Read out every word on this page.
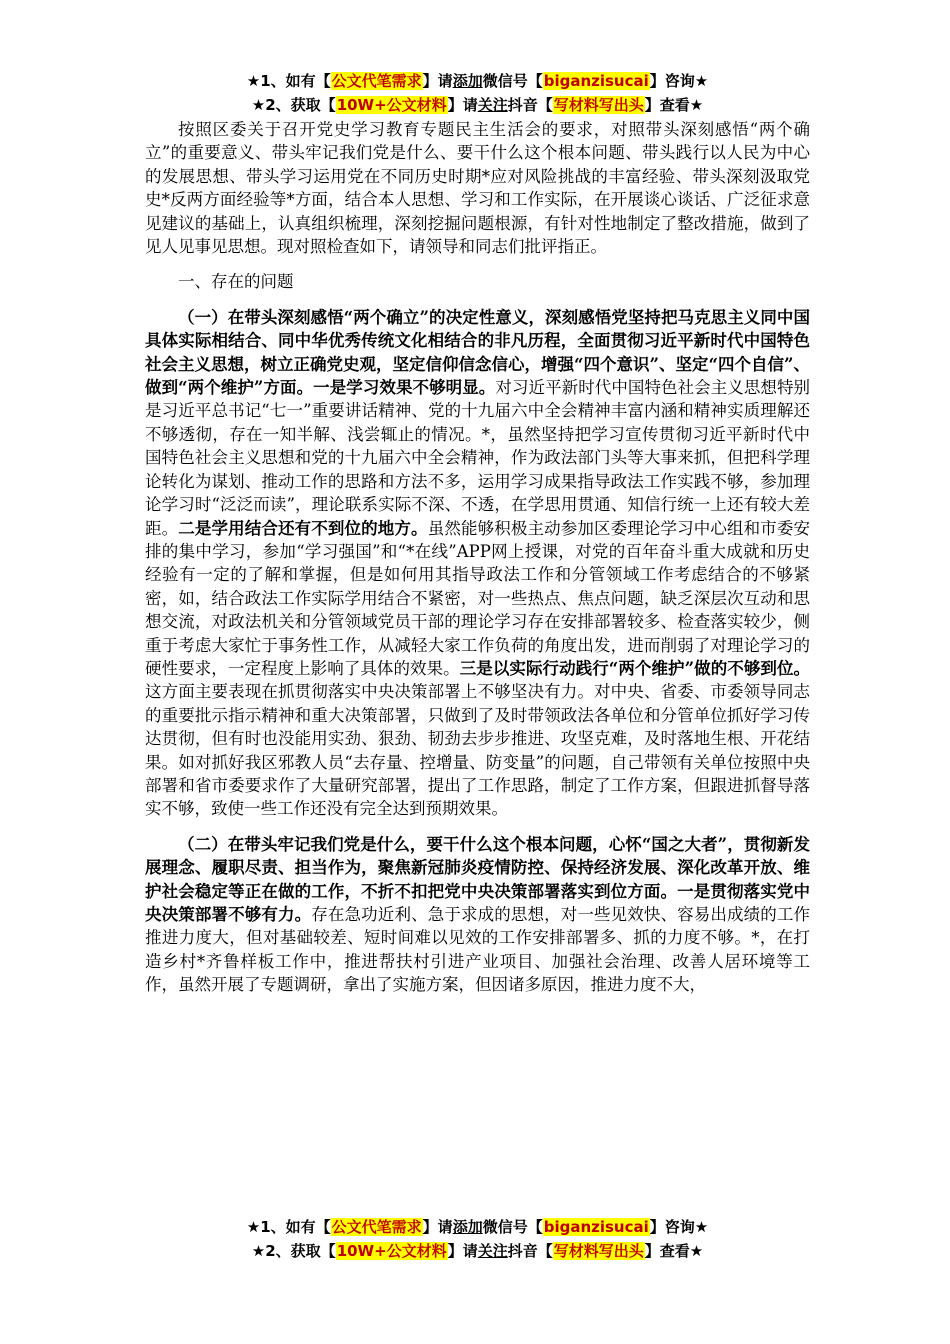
★1、如有【公文代笔需求】请添加微信号【biganzisucai】咨询★
★2、获取【10W+公文材料】请关注抖音【写材料写出头】查看★

按照区委关于召开党史学习教育专题民主生活会的要求，对照带头深刻感悟“两个确立”的重要意义、带头牢记我们党是什么、要干什么这个根本问题、带头践行以人民为中心的发展思想、带头学习运用党在不同历史时期*应对风险挑战的丰富经验、带头深刻汲取党史*反两方面经验等*方面，结合本人思想、学习和工作实际，在开展谈心谈话、广泛征求意见建议的基础上，认真组织梳理，深刻挖掘问题根源，有针对性地制定了整改措施，做到了见人见事见思想。现对照检查如下，请领导和同志们批评指正。

一、存在的问题

（一）在带头深刻感悟“两个确立”的决定性意义，深刻感悟党坚持把马克思主义同中国具体实际相结合、同中华优秀传统文化相结合的非凡历程，全面贯彻习近平新时代中国特色社会主义思想，树立正确党史观，坚定信仰信念信心，增强“四个意识”、坚定“四个自信”、做到“两个维护”方面。一是学习效果不够明显。对习近平新时代中国特色社会主义思想特别是习近平总书记“七一”重要讲话精神、党的十九届六中全会精神丰富内涵和精神实质理解还不够透彻，存在一知半解、浅尝辄止的情况。*，虽然坚持把学习宣传贯彻习近平新时代中国特色社会主义思想和党的十九届六中全会精神，作为政法部门头等大事来抓，但把科学理论转化为谋划、推动工作的思路和方法不多，运用学习成果指导政法工作实践不够，参加理论学习时“泛泛而读”，理论联系实际不深、不透，在学思用贯通、知信行统一上还有较大差距。二是学用结合还有不到位的地方。虽然能够积极主动参加区委理论学习中心组和市委安排的集中学习，参加“学习强国”和“*在线”APP网上授课，对党的百年奋斗重大成就和历史经验有一定的了解和掌握，但是如何用其指导政法工作和分管领域工作考虑结合的不够紧密，如，结合政法工作实际学用结合不紧密，对一些热点、焦点问题，缺乏深层次互动和思想交流，对政法机关和分管领域党员干部的理论学习存在安排部署较多、检查落实较少，侧重于考虑大家忙于事务性工作，从减轻大家工作负荷的角度出发，进而削弱了对理论学习的硬性要求，一定程度上影响了具体的效果。三是以实际行动践行“两个维护”做的不够到位。这方面主要表现在抓贯彻落实中央决策部署上不够坚决有力。对中央、省委、市委领导同志的重要批示指示精神和重大决策部署，只做到了及时带领政法各单位和分管单位抓好学习传达贯彻，但有时也没能用实劲、狠劲、韧劲去步步推进、攻坚克难，及时落地生根、开花结果。如对抓好我区邪教人员“去存量、控增量、防变量”的问题，自己带领有关单位按照中央部署和省市委要求作了大量研究部署，提出了工作思路，制定了工作方案，但跟进抓督导落实不够，致使一些工作还没有完全达到预期效果。

（二）在带头牢记我们党是什么，要干什么这个根本问题，心怀“国之大者”，贯彻新发展理念、履职尽责、担当作为，聚焦新冠肺炎疫情防控、保持经济发展、深化改革开放、维护社会稳定等正在做的工作，不折不扣把党中央决策部署落实到位方面。一是贯彻落实党中央决策部署不够有力。存在急功近利、急于求成的思想，对一些见效快、容易出成绩的工作推进力度大，但对基础较差、短时间难以见效的工作安排部署多、抓的力度不够。*，在打造乡村*齐鲁样板工作中，推进帮扶村引进产业项目、加强社会治理、改善人居环境等工作，虽然开展了专题调研，拿出了实施方案，但因诸多原因，推进力度不大，

★1、如有【公文代笔需求】请添加微信号【biganzisucai】咨询★
★2、获取【10W+公文材料】请关注抖音【写材料写出头】查看★
